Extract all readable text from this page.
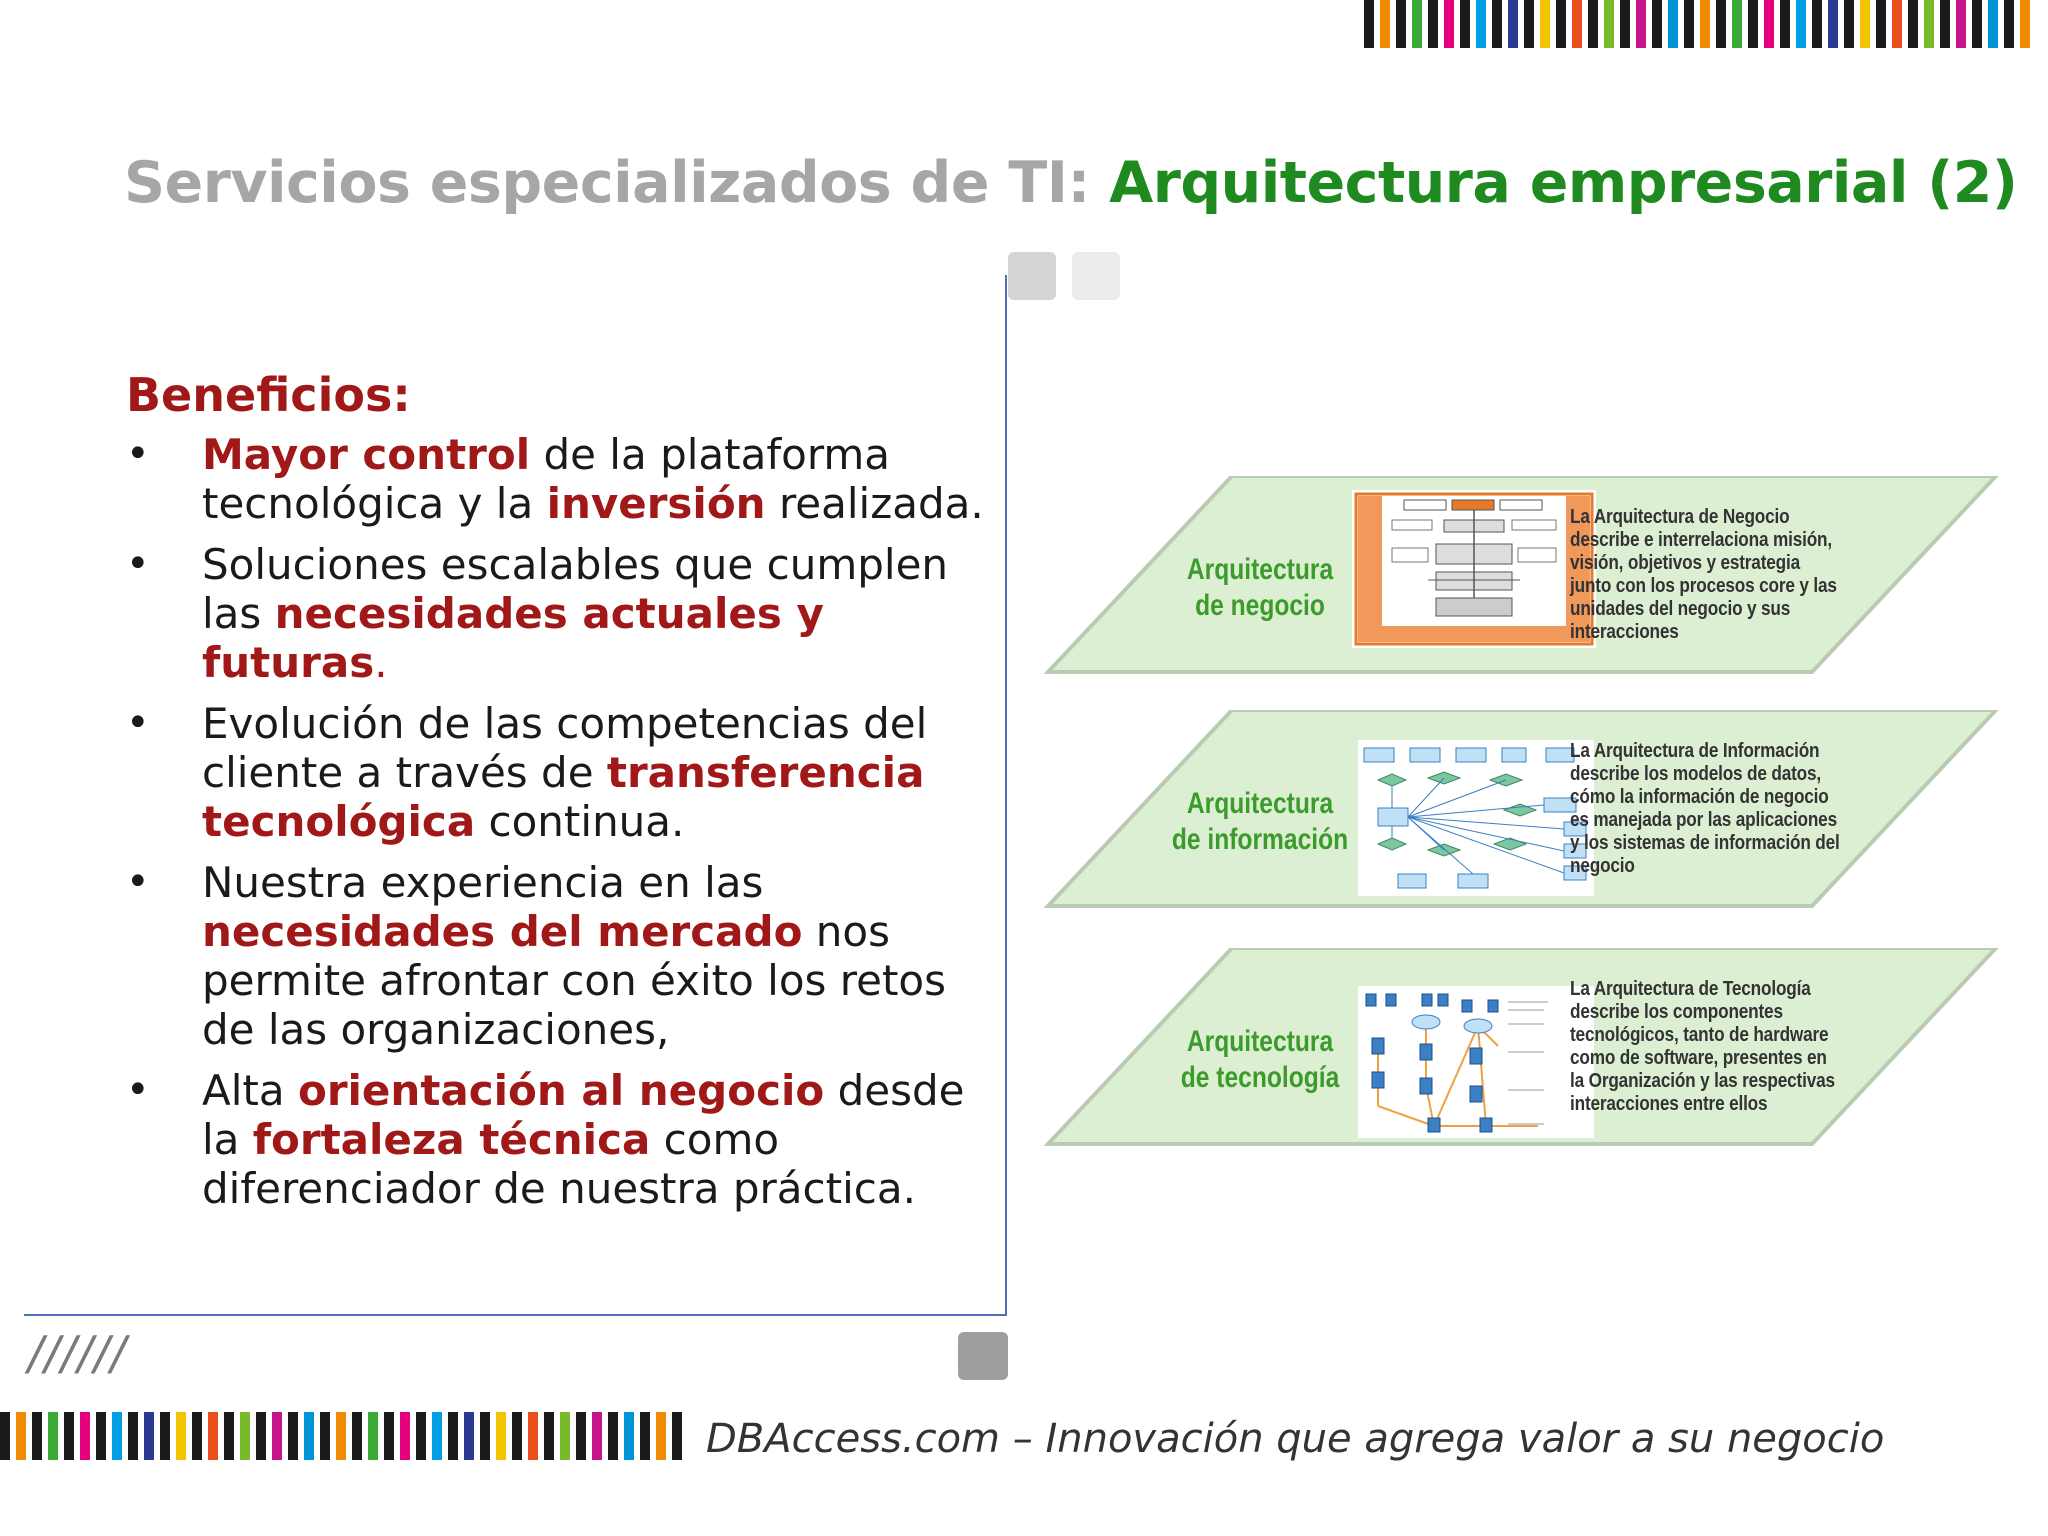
Servicios especializados de TI: Arquitectura empresarial (2)
//////
Beneficios:
• Mayor control de la plataforma tecnológica y la inversión realizada.
• Soluciones escalables que cumplen las necesidades actuales y futuras.
• Evolución de las competencias del cliente a través de transferencia tecnológica continua.
• Nuestra experiencia en las necesidades del mercado nos permite afrontar con éxito los retos de las organizaciones,
• Alta orientación al negocio desde la fortaleza técnica como diferenciador de nuestra práctica.
Arquitectura
de negocio
La Arquitectura de Negocio describe e interrelaciona misión, visión, objetivos y estrategia junto con los procesos core y las unidades del negocio y sus interacciones
Arquitectura
de información
La Arquitectura de Información describe los modelos de datos, cómo la información de negocio es manejada por las aplicaciones y los sistemas de información del negocio
Arquitectura
de tecnología
La Arquitectura de Tecnología describe los componentes tecnológicos, tanto de hardware como de software, presentes en la Organización y las respectivas interacciones entre ellos
DBAccess.com – Innovación que agrega valor a su negocio
